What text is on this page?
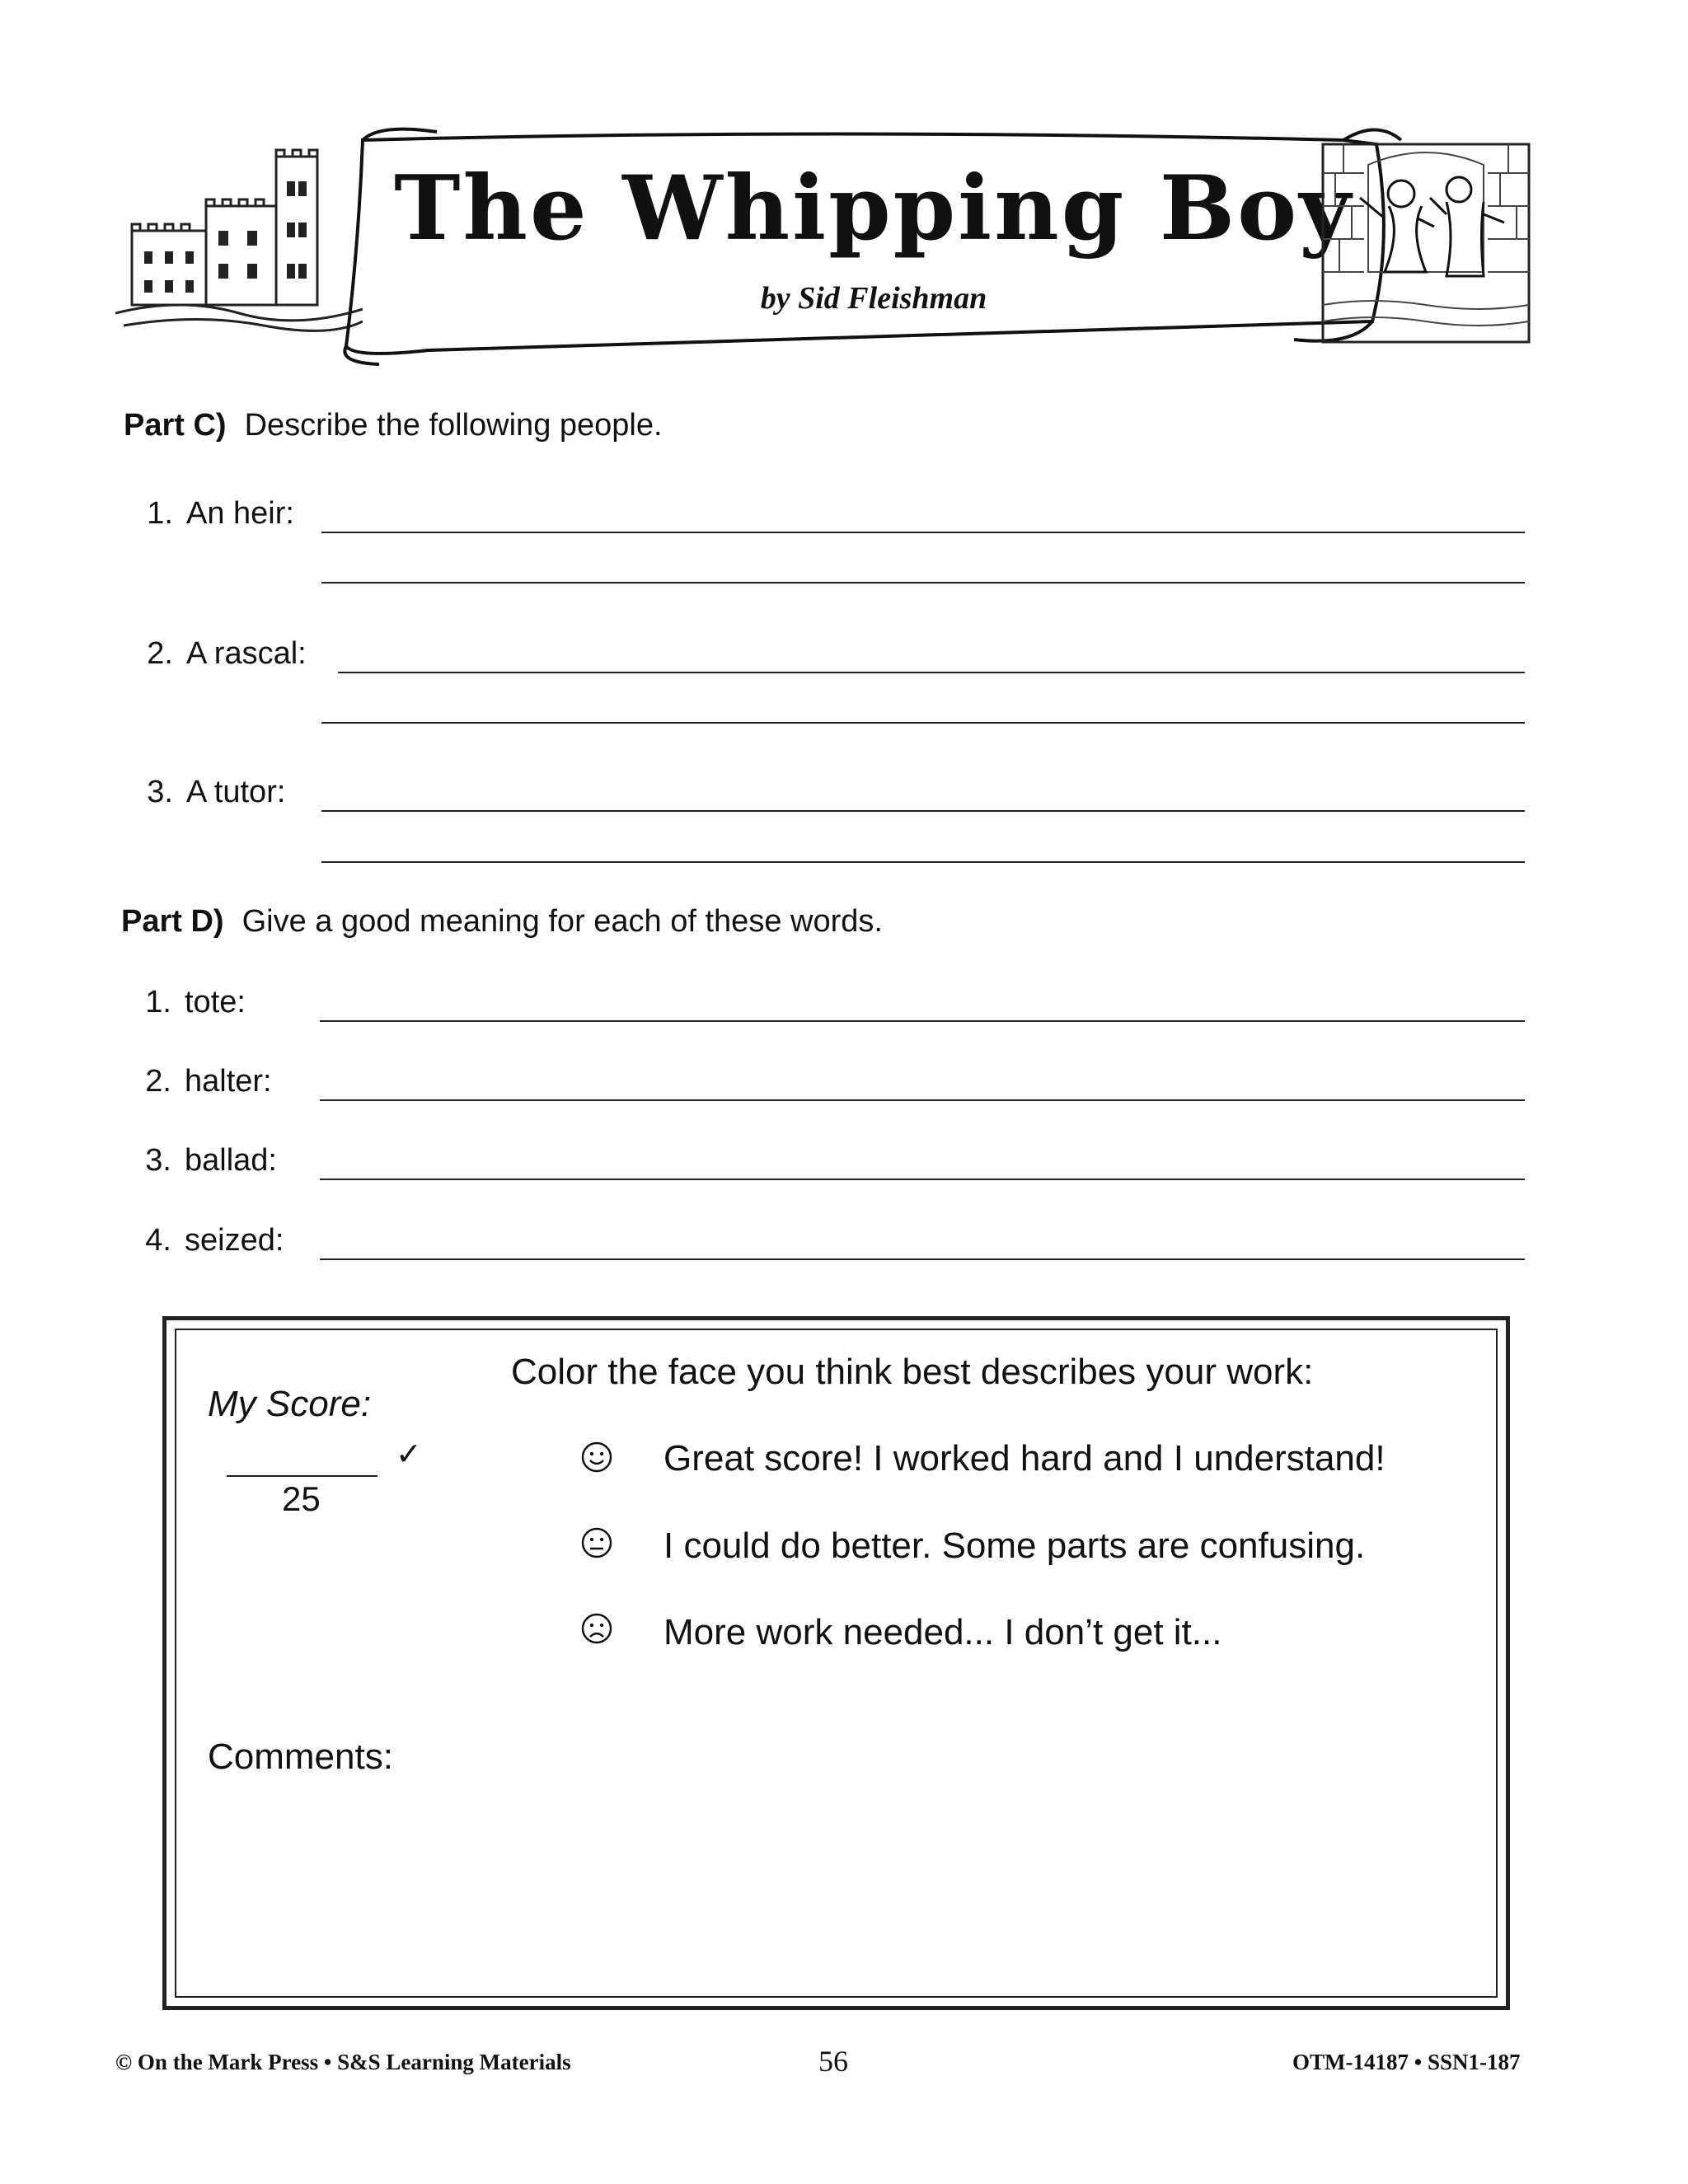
The Whipping Boy
by Sid Fleishman
Part C) Describe the following people.
1. An heir:
2. A rascal:
3. A tutor:
Part D) Give a good meaning for each of these words.
1. tote:
2. halter:
3. ballad:
4. seized:
My Score:
✓
25
Color the face you think best describes your work:
Great score! I worked hard and I understand!
I could do better. Some parts are confusing.
More work needed... I don’t get it...
Comments:
© On the Mark Press • S&S Learning Materials	56	OTM-14187 • SSN1-187
